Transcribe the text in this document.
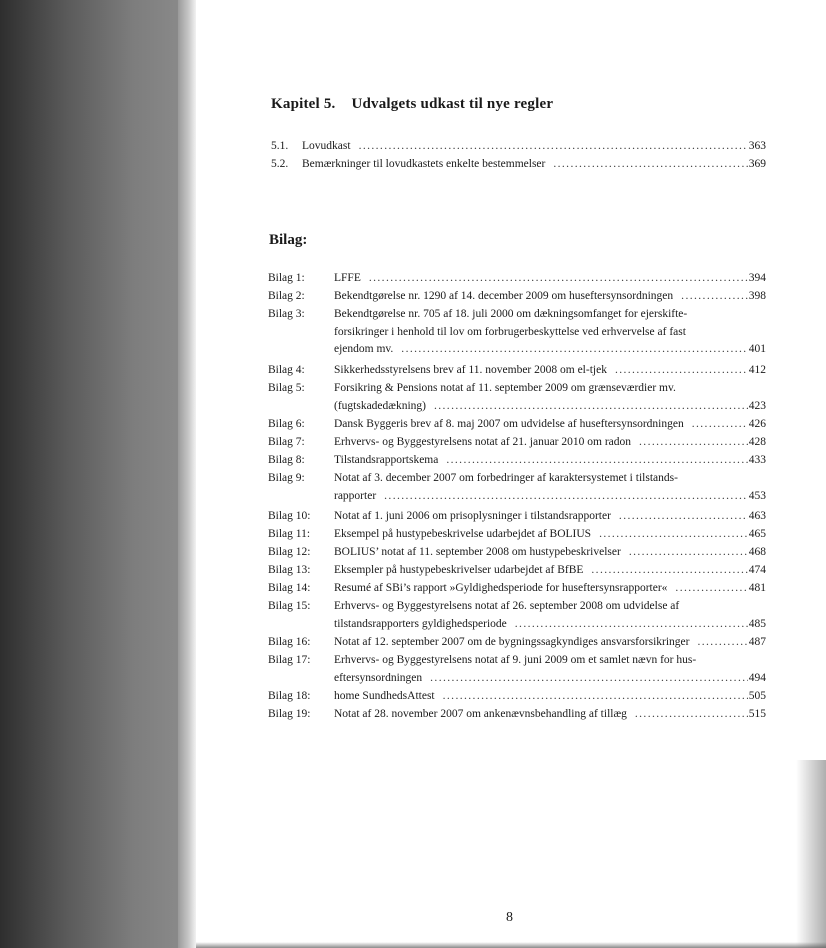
Kapitel 5. Udvalgets udkast til nye regler
5.1. Lovudkast .....	363
5.2. Bemærkninger til lovudkastets enkelte bestemmelser .....	369
Bilag:
Bilag 1:	LFFE .....	394
Bilag 2:	Bekendtgørelse nr. 1290 af 14. december 2009 om huseftersynsordningen .....	398
Bilag 3:	Bekendtgørelse nr. 705 af 18. juli 2000 om dækningsomfanget for ejerskifte-
forsikringer i henhold til lov om forbrugerbeskyttelse ved erhvervelse af fast
ejendom mv. .....	401
Bilag 4:	Sikkerhedsstyrelsens brev af 11. november 2008 om el-tjek .....	412
Bilag 5:	Forsikring & Pensions notat af 11. september 2009 om grænseværdier mv.
(fugtskadedækning) .....	423
Bilag 6:	Dansk Byggeris brev af 8. maj 2007 om udvidelse af huseftersynsordningen .....	426
Bilag 7:	Erhvervs- og Byggestyrelsens notat af 21. januar 2010 om radon .....	428
Bilag 8:	Tilstandsrapportskema .....	433
Bilag 9:	Notat af 3. december 2007 om forbedringer af karaktersystemet i tilstands-
rapporter .....	453
Bilag 10: Notat af 1. juni 2006 om prisoplysninger i tilstandsrapporter .....	463
Bilag 11: Eksempel på hustypebeskrivelse udarbejdet af BOLIUS .....	465
Bilag 12: BOLIUS’ notat af 11. september 2008 om hustypebeskrivelser .....	468
Bilag 13: Eksempler på hustypebeskrivelser udarbejdet af BfBE .....	474
Bilag 14: Resumé af SBi’s rapport »Gyldighedsperiode for huseftersynsrapporter« .....	481
Bilag 15: Erhvervs- og Byggestyrelsens notat af 26. september 2008 om udvidelse af
tilstandsrapporters gyldighedsperiode .....	485
Bilag 16: Notat af 12. september 2007 om de bygningssagkyndiges ansvarsforsikringer .....	487
Bilag 17: Erhvervs- og Byggestyrelsens notat af 9. juni 2009 om et samlet nævn for hus-
eftersynsordningen .....	494
Bilag 18: home SundhedsAttest .....	505
Bilag 19: Notat af 28. november 2007 om ankenævnsbehandling af tillæg .....	515
8
